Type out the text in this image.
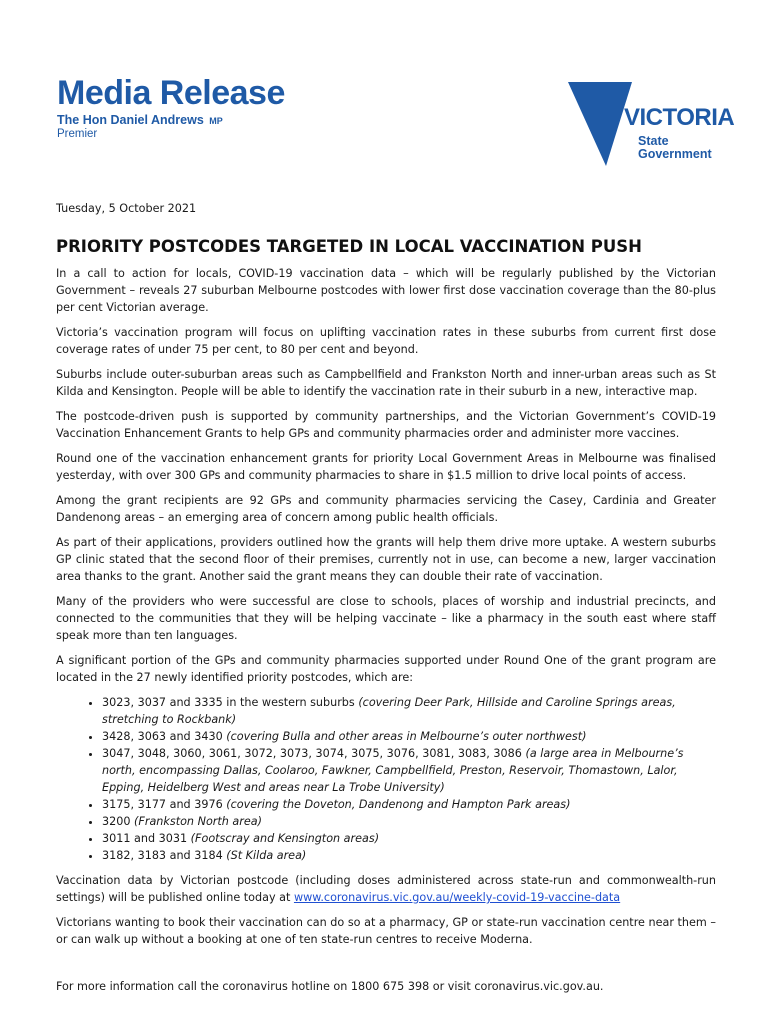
Media Release
The Hon Daniel Andrews MP
Premier
VICTORIA
State
Government

Tuesday, 5 October 2021

PRIORITY POSTCODES TARGETED IN LOCAL VACCINATION PUSH

In a call to action for locals, COVID-19 vaccination data – which will be regularly published by the Victorian Government – reveals 27 suburban Melbourne postcodes with lower first dose vaccination coverage than the 80-plus per cent Victorian average.

Victoria’s vaccination program will focus on uplifting vaccination rates in these suburbs from current first dose coverage rates of under 75 per cent, to 80 per cent and beyond.

Suburbs include outer-suburban areas such as Campbellfield and Frankston North and inner-urban areas such as St Kilda and Kensington. People will be able to identify the vaccination rate in their suburb in a new, interactive map.

The postcode-driven push is supported by community partnerships, and the Victorian Government’s COVID-19 Vaccination Enhancement Grants to help GPs and community pharmacies order and administer more vaccines.

Round one of the vaccination enhancement grants for priority Local Government Areas in Melbourne was finalised yesterday, with over 300 GPs and community pharmacies to share in $1.5 million to drive local points of access.

Among the grant recipients are 92 GPs and community pharmacies servicing the Casey, Cardinia and Greater Dandenong areas – an emerging area of concern among public health officials.

As part of their applications, providers outlined how the grants will help them drive more uptake. A western suburbs GP clinic stated that the second floor of their premises, currently not in use, can become a new, larger vaccination area thanks to the grant. Another said the grant means they can double their rate of vaccination.

Many of the providers who were successful are close to schools, places of worship and industrial precincts, and connected to the communities that they will be helping vaccinate – like a pharmacy in the south east where staff speak more than ten languages.

A significant portion of the GPs and community pharmacies supported under Round One of the grant program are located in the 27 newly identified priority postcodes, which are:

• 3023, 3037 and 3335 in the western suburbs (covering Deer Park, Hillside and Caroline Springs areas, stretching to Rockbank)
• 3428, 3063 and 3430 (covering Bulla and other areas in Melbourne’s outer northwest)
• 3047, 3048, 3060, 3061, 3072, 3073, 3074, 3075, 3076, 3081, 3083, 3086 (a large area in Melbourne’s north, encompassing Dallas, Coolaroo, Fawkner, Campbellfield, Preston, Reservoir, Thomastown, Lalor, Epping, Heidelberg West and areas near La Trobe University)
• 3175, 3177 and 3976 (covering the Doveton, Dandenong and Hampton Park areas)
• 3200 (Frankston North area)
• 3011 and 3031 (Footscray and Kensington areas)
• 3182, 3183 and 3184 (St Kilda area)

Vaccination data by Victorian postcode (including doses administered across state-run and commonwealth-run settings) will be published online today at www.coronavirus.vic.gov.au/weekly-covid-19-vaccine-data

Victorians wanting to book their vaccination can do so at a pharmacy, GP or state-run vaccination centre near them – or can walk up without a booking at one of ten state-run centres to receive Moderna.

For more information call the coronavirus hotline on 1800 675 398 or visit coronavirus.vic.gov.au.
